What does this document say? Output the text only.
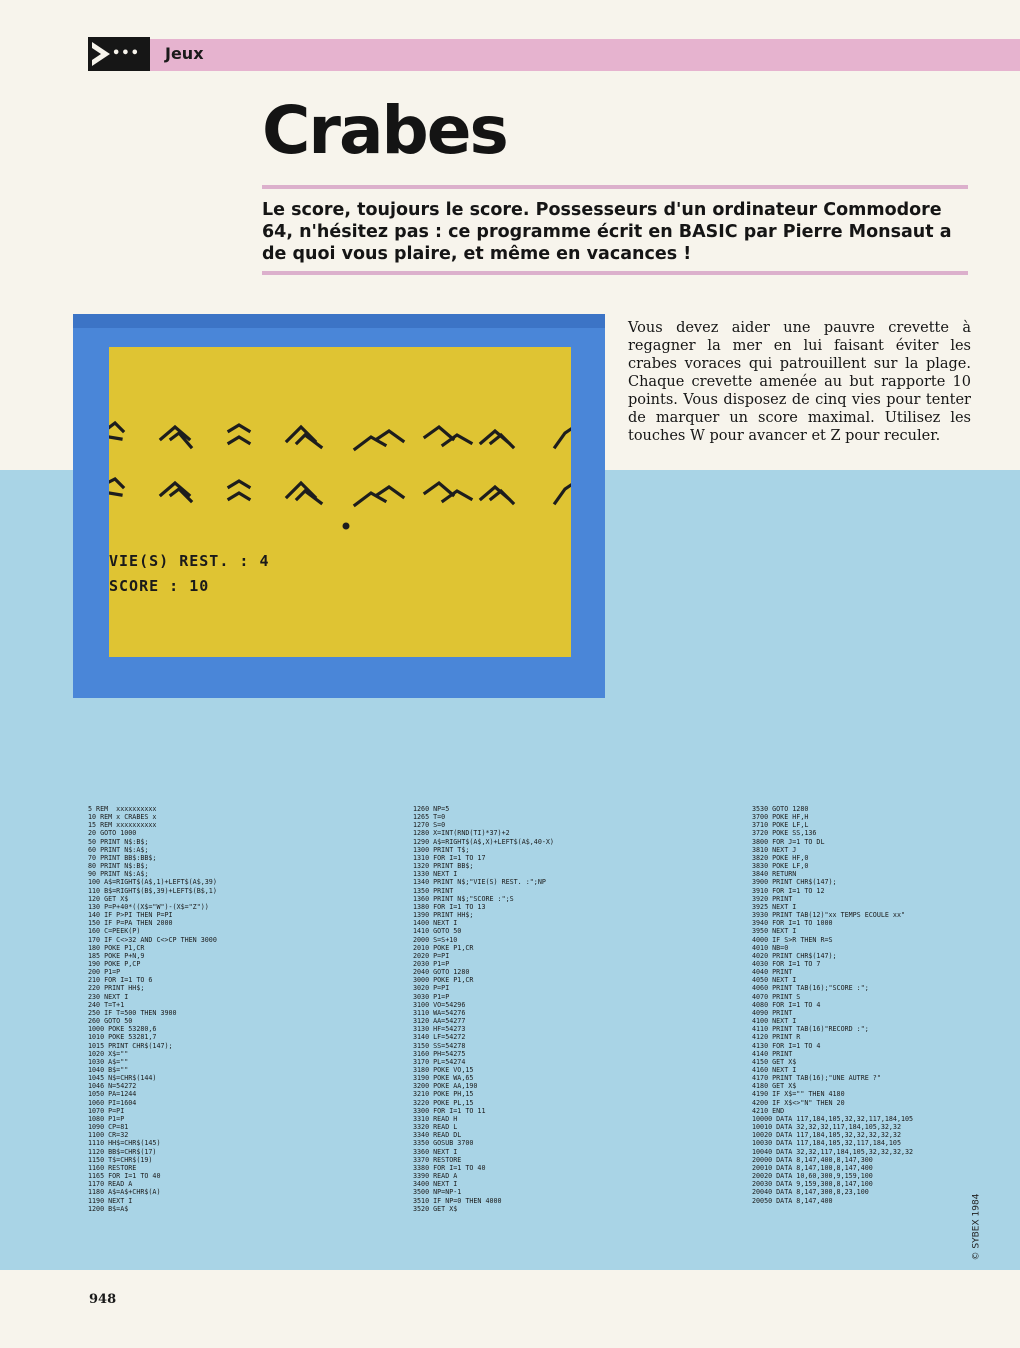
••• Jeux
Crabes
Le score, toujours le score. Possesseurs d'un ordinateur Commodore 64, n'hésitez pas : ce programme écrit en BASIC par Pierre Monsaut a de quoi vous plaire, et même en vacances !
VIE(S) REST. : 4
SCORE : 10
Vous devez aider une pauvre crevette à regagner la mer en lui faisant éviter les crabes voraces qui patrouillent sur la plage. Chaque crevette amenée au but rapporte 10 points. Vous disposez de cinq vies pour tenter de marquer un score maximal. Utilisez les touches W pour avancer et Z pour reculer.
5 REM  xxxxxxxxxx
10 REM x CRABES x
15 REM xxxxxxxxxx
20 GOTO 1000
50 PRINT N$:B$;
60 PRINT N$:A$;
70 PRINT BB$:BB$;
80 PRINT N$:B$;
90 PRINT N$:A$;
100 A$=RIGHT$(A$,1)+LEFT$(A$,39)
110 B$=RIGHT$(B$,39)+LEFT$(B$,1)
120 GET X$
130 P=P+40*((X$="W")-(X$="Z"))
140 IF P>PI THEN P=PI
150 IF P=PA THEN 2000
160 C=PEEK(P)
170 IF C<>32 AND C<>CP THEN 3000
180 POKE P1,CR
185 POKE P+N,9
190 POKE P,CP
200 P1=P
210 FOR I=1 TO 6
220 PRINT HH$;
230 NEXT I
240 T=T+1
250 IF T=500 THEN 3900
260 GOTO 50
1000 POKE 53280,6
1010 POKE 53281,7
1015 PRINT CHR$(147);
1020 X$=""
1030 A$=""
1040 B$=""
1045 N$=CHR$(144)
1046 N=54272
1050 PA=1244
1060 PI=1604
1070 P=PI
1080 P1=P
1090 CP=81
1100 CR=32
1110 HH$=CHR$(145)
1120 BB$=CHR$(17)
1150 T$=CHR$(19)
1160 RESTORE
1165 FOR I=1 TO 40
1170 READ A
1180 A$=A$+CHR$(A)
1190 NEXT I
1200 B$=A$
1260 NP=5
1265 T=0
1270 S=0
1280 X=INT(RND(TI)*37)+2
1290 A$=RIGHT$(A$,X)+LEFT$(A$,40-X)
1300 PRINT T$;
1310 FOR I=1 TO 17
1320 PRINT BB$;
1330 NEXT I
1340 PRINT N$;"VIE(S) REST. :";NP
1350 PRINT
1360 PRINT N$;"SCORE :";S
1380 FOR I=1 TO 13
1390 PRINT HH$;
1400 NEXT I
1410 GOTO 50
2000 S=S+10
2010 POKE P1,CR
2020 P=PI
2030 P1=P
2040 GOTO 1280
3000 POKE P1,CR
3020 P=PI
3030 P1=P
3100 VO=54296
3110 WA=54276
3120 AA=54277
3130 HF=54273
3140 LF=54272
3150 SS=54278
3160 PH=54275
3170 PL=54274
3180 POKE VO,15
3190 POKE WA,65
3200 POKE AA,190
3210 POKE PH,15
3220 POKE PL,15
3300 FOR I=1 TO 11
3310 READ H
3320 READ L
3340 READ DL
3350 GOSUB 3700
3360 NEXT I
3370 RESTORE
3380 FOR I=1 TO 40
3390 READ A
3400 NEXT I
3500 NP=NP-1
3510 IF NP=0 THEN 4000
3520 GET X$
3530 GOTO 1280
3700 POKE HF,H
3710 POKE LF,L
3720 POKE SS,136
3800 FOR J=1 TO DL
3810 NEXT J
3820 POKE HF,0
3830 POKE LF,0
3840 RETURN
3900 PRINT CHR$(147);
3910 FOR I=1 TO 12
3920 PRINT
3925 NEXT I
3930 PRINT TAB(12)"xx TEMPS ECOULE xx"
3940 FOR I=1 TO 1000
3950 NEXT I
4000 IF S>R THEN R=S
4010 NB=0
4020 PRINT CHR$(147);
4030 FOR I=1 TO 7
4040 PRINT
4050 NEXT I
4060 PRINT TAB(16);"SCORE :";
4070 PRINT S
4080 FOR I=1 TO 4
4090 PRINT
4100 NEXT I
4110 PRINT TAB(16)"RECORD :";
4120 PRINT R
4130 FOR I=1 TO 4
4140 PRINT
4150 GET X$
4160 NEXT I
4170 PRINT TAB(16);"UNE AUTRE ?"
4180 GET X$
4190 IF X$="" THEN 4180
4200 IF X$<>"N" THEN 20
4210 END
10000 DATA 117,184,105,32,32,117,184,105
10010 DATA 32,32,32,117,184,105,32,32
10020 DATA 117,184,105,32,32,32,32,32
10030 DATA 117,184,105,32,117,184,105
10040 DATA 32,32,117,184,105,32,32,32,32
20000 DATA 8,147,400,8,147,300
20010 DATA 8,147,100,8,147,400
20020 DATA 10,60,300,9,159,100
20030 DATA 9,159,300,8,147,100
20040 DATA 8,147,300,8,23,100
20050 DATA 8,147,400	© SYBEX 1984
948
